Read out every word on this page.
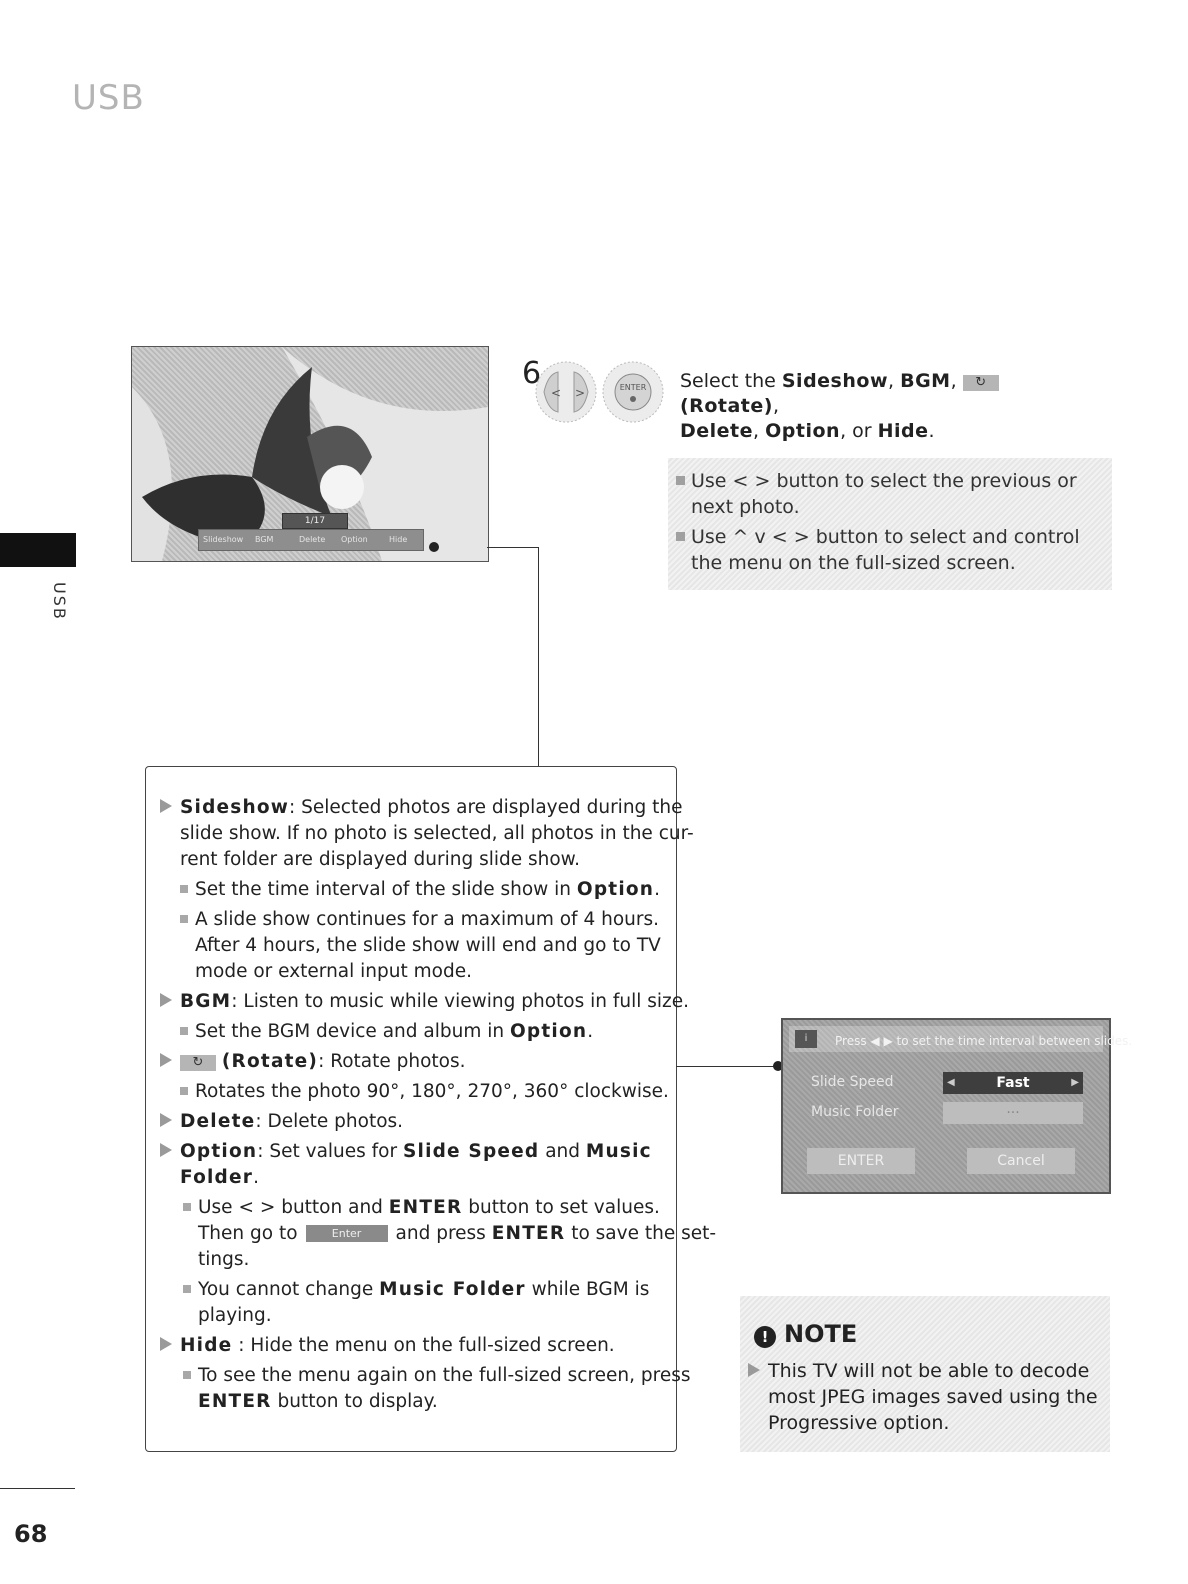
USB
USB
1/17
Slideshow BGM	Delete Option	Hide
6
< >	ENTER Select the Sideshow, BGM, ↻ (Rotate),
Delete, Option, or Hide.
Use < > button to select the previous or
next photo.
Use ^ v < > button to select and control
the menu on the full-sized screen.
Sideshow: Selected photos are displayed during the
slide show. If no photo is selected, all photos in the cur-
rent folder are displayed during slide show.
Set the time interval of the slide show in Option.
A slide show continues for a maximum of 4 hours.
After 4 hours, the slide show will end and go to TV
mode or external input mode.
BGM: Listen to music while viewing photos in full size.
Set the BGM device and album in Option.
↻ (Rotate): Rotate photos.
Rotates the photo 90°, 180°, 270°, 360° clockwise.
Delete: Delete photos.
Option: Set values for Slide Speed and Music
Folder.
Use < > button and ENTER button to set values.
Then go to	Enter and press ENTER to save the set-
tings.
You cannot change Music Folder while BGM is
playing.
Hide : Hide the menu on the full-sized screen.
To see the menu again on the full-sized screen, press
ENTER button to display.
i	Press ◀ ▶ to set the time interval between slides.
Slide Speed	◀	Fast	▶
Music Folder	···
ENTER	Cancel
! NOTE
This TV will not be able to decode
most JPEG images saved using the
Progressive option.
68
